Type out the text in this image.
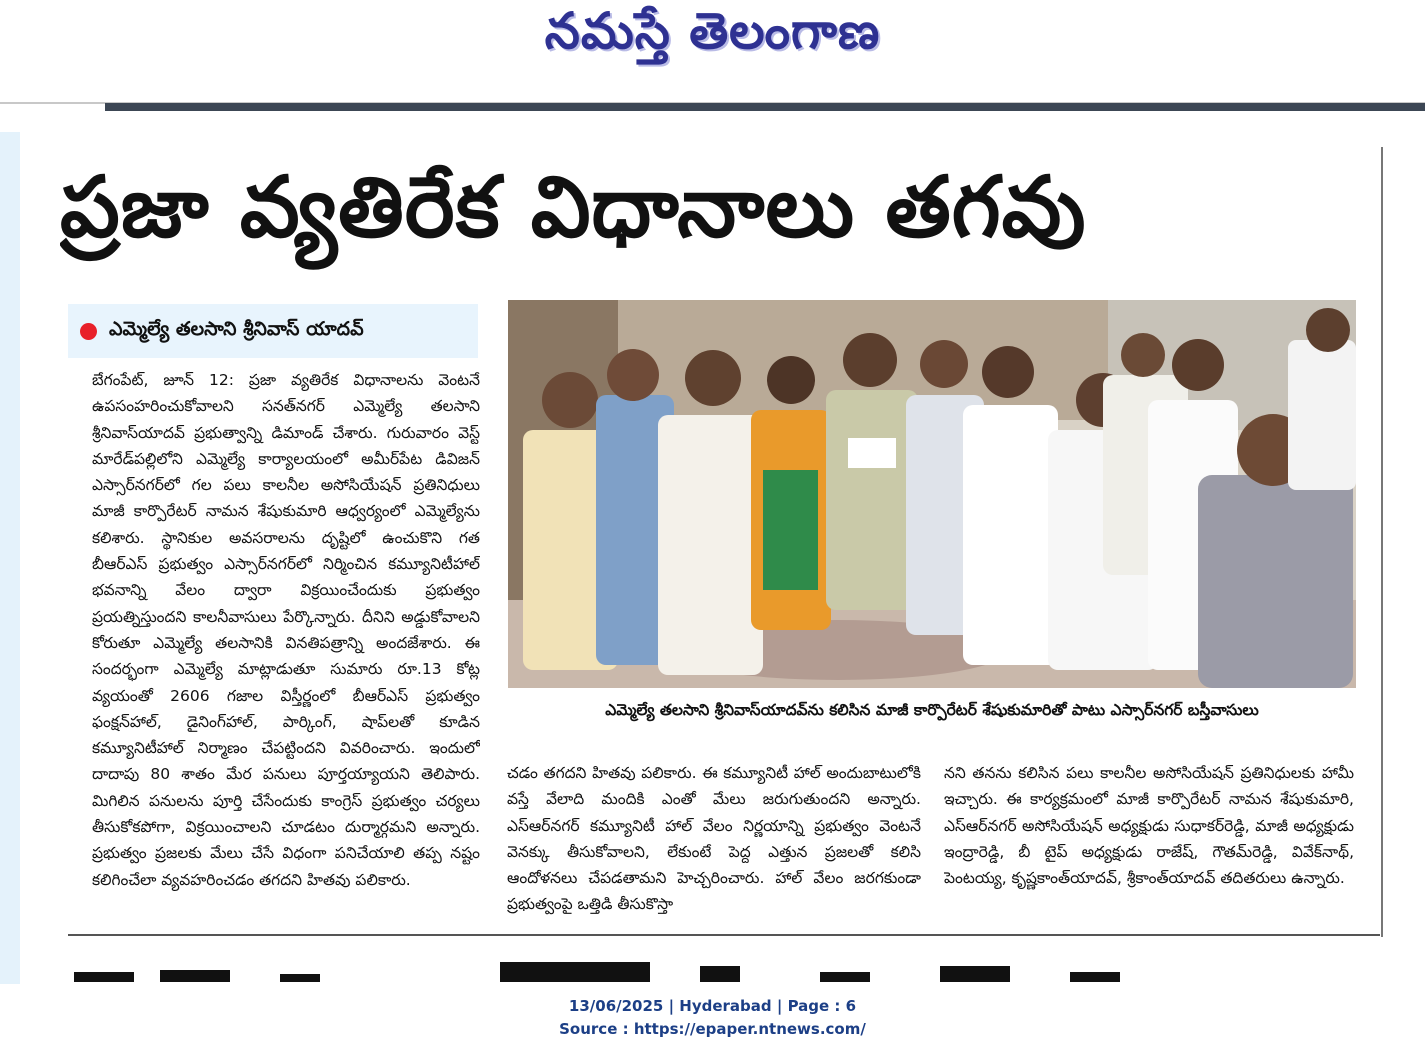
నమస్తే తెలంగాణ
ప్రజా వ్యతిరేక విధానాలు తగవు
ఎమ్మెల్యే తలసాని శ్రీనివాస్ యాదవ్
బేగంపేట్, జూన్ 12: ప్రజా వ్యతిరేక విధానాలను వెంటనే ఉపసంహరించుకోవాలని సనత్‌నగర్ ఎమ్మెల్యే తలసాని శ్రీనివాస్‌యాదవ్ ప్రభుత్వాన్ని డిమాండ్ చేశారు. గురువారం వెస్ట్ మారేడ్‌పల్లిలోని ఎమ్మెల్యే కార్యాలయంలో అమీర్‌పేట డివిజన్ ఎస్సార్‌నగర్‌లో గల పలు కాలనీల అసోసియేషన్ ప్రతినిధులు మాజీ కార్పొరేటర్ నామన శేషుకుమారి ఆధ్వర్యంలో ఎమ్మెల్యేను కలిశారు. స్థానికుల అవసరాలను దృష్టిలో ఉంచుకొని గత బీఆర్‌ఎస్ ప్రభుత్వం ఎస్సార్‌నగర్‌లో నిర్మించిన కమ్యూనిటీహాల్ భవనాన్ని వేలం ద్వారా విక్రయించేందుకు ప్రభుత్వం ప్రయత్నిస్తుందని కాలనీవాసులు పేర్కొన్నారు. దీనిని అడ్డుకోవాలని కోరుతూ ఎమ్మెల్యే తలసానికి వినతిపత్రాన్ని అందజేశారు. ఈ సందర్భంగా ఎమ్మెల్యే మాట్లాడుతూ సుమారు రూ.13 కోట్ల వ్యయంతో 2606 గజాల విస్తీర్ణంలో బీఆర్‌ఎస్ ప్రభుత్వం ఫంక్షన్‌హాల్, డైనింగ్‌హాల్, పార్కింగ్, షాప్‌లతో కూడిన కమ్యూనిటీహాల్ నిర్మాణం చేపట్టిందని వివరించారు. ఇందులో దాదాపు 80 శాతం మేర పనులు పూర్తయ్యాయని తెలిపారు. మిగిలిన పనులను పూర్తి చేసేందుకు కాంగ్రెస్ ప్రభుత్వం చర్యలు తీసుకోకపోగా, విక్రయించాలని చూడటం దుర్మార్గమని అన్నారు. ప్రభుత్వం ప్రజలకు మేలు చేసే విధంగా పనిచేయాలి తప్ప నష్టం కలిగించేలా వ్యవహరించడం తగదని హితవు పలికారు.
ఎమ్మెల్యే తలసాని శ్రీనివాస్‌యాదవ్‌ను కలిసిన మాజీ కార్పొరేటర్ శేషుకుమారితో పాటు ఎస్సార్‌నగర్ బస్తీవాసులు
చడం తగదని హితవు పలికారు. ఈ కమ్యూనిటీ హాల్ అందుబాటులోకి వస్తే వేలాది మందికి ఎంతో మేలు జరుగుతుందని అన్నారు. ఎస్‌ఆర్‌నగర్ కమ్యూనిటీ హాల్ వేలం నిర్ణయాన్ని ప్రభుత్వం వెంటనే వెనక్కు తీసుకోవాలని, లేకుంటే పెద్ద ఎత్తున ప్రజలతో కలిసి ఆందోళనలు చేపడతామని హెచ్చరించారు. హాల్ వేలం జరగకుండా ప్రభుత్వంపై ఒత్తిడి తీసుకొస్తా
నని తనను కలిసిన పలు కాలనీల అసోసియేషన్ ప్రతినిధులకు హామీ ఇచ్చారు. ఈ కార్యక్రమంలో మాజీ కార్పొరేటర్ నామన శేషుకుమారి, ఎస్‌ఆర్‌నగర్ అసోసియేషన్ అధ్యక్షుడు సుధాకర్‌రెడ్డి, మాజీ అధ్యక్షుడు ఇంద్రారెడ్డి, బీ టైప్ అధ్యక్షుడు రాజేష్, గౌతమ్‌రెడ్డి, వివేక్‌నాథ్, పెంటయ్య, కృష్ణకాంత్‌యాదవ్, శ్రీకాంత్‌యాదవ్ తదితరులు ఉన్నారు.
13/06/2025 | Hyderabad | Page : 6
Source : https://epaper.ntnews.com/
